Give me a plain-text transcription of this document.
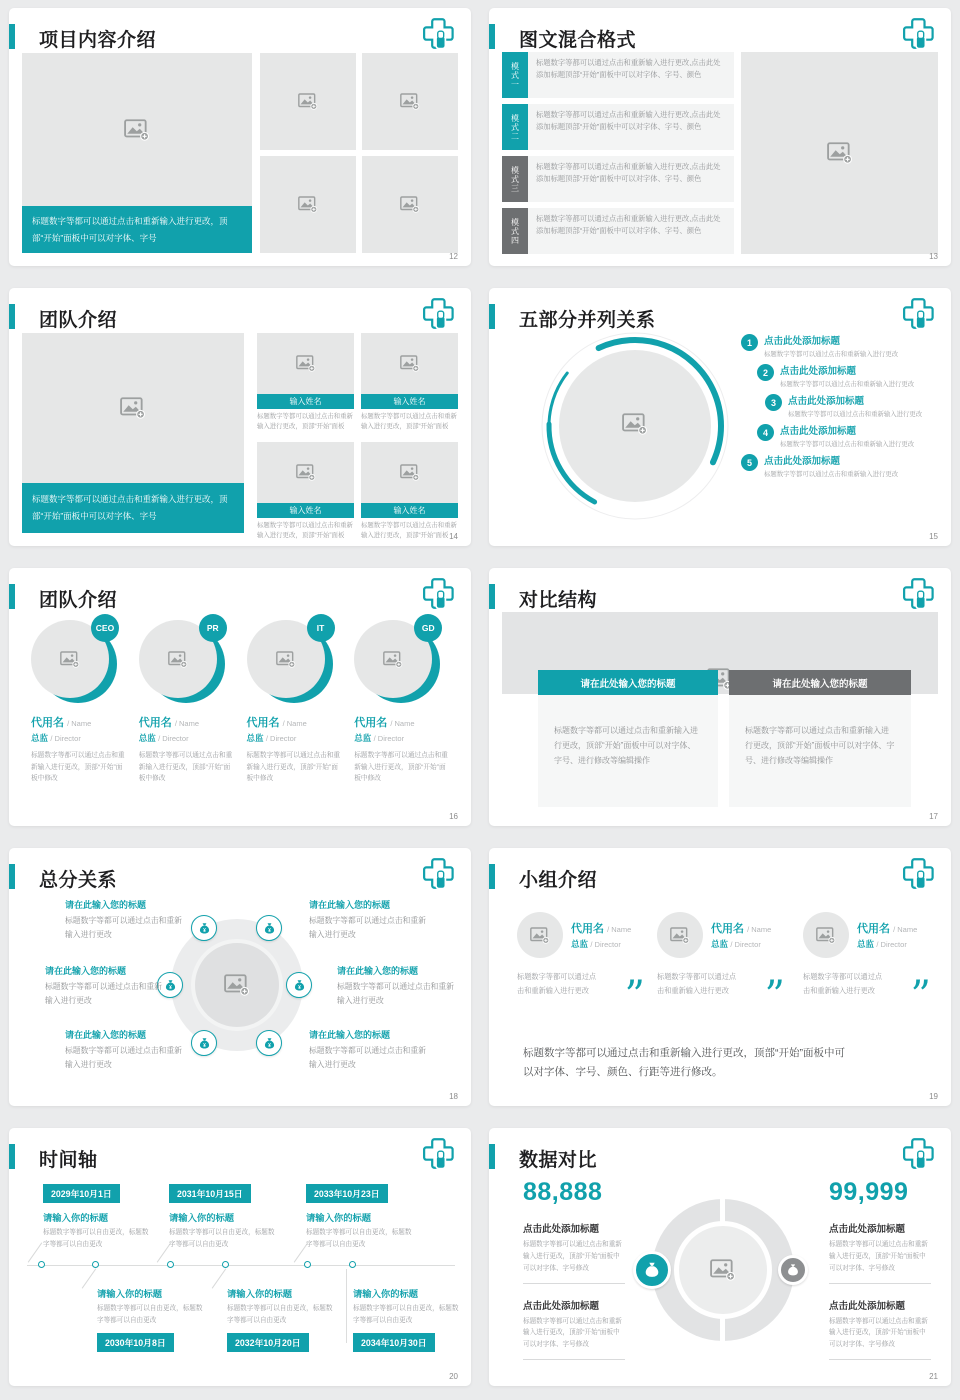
项目内容介绍
标题数字等都可以通过点击和重新输入进行更改，顶部“开始”面板中可以对字体、字号
12
图文混合格式
模式一	标题数字等都可以通过点击和重新输入进行更改,点击此处添加标题顶部“开始”面板中可以对字体、字号、颜色
模式二	标题数字等都可以通过点击和重新输入进行更改,点击此处添加标题顶部“开始”面板中可以对字体、字号、颜色
模式三	标题数字等都可以通过点击和重新输入进行更改,点击此处添加标题顶部“开始”面板中可以对字体、字号、颜色
模式四	标题数字等都可以通过点击和重新输入进行更改,点击此处添加标题顶部“开始”面板中可以对字体、字号、颜色
13
团队介绍
标题数字等都可以通过点击和重新输入进行更改，顶部“开始”面板中可以对字体、字号
输入姓名

标题数字等都可以通过点击和重新输入进行更改，顶部“开始”面板

输入姓名

标题数字等都可以通过点击和重新输入进行更改，顶部“开始”面板

输入姓名

标题数字等都可以通过点击和重新输入进行更改，顶部“开始”面板

输入姓名

标题数字等都可以通过点击和重新输入进行更改，顶部“开始”面板 14
五部分并列关系
1	点击此处添加标题
标题数字等都可以通过点击和重新输入进行更改
2	点击此处添加标题
标题数字等都可以通过点击和重新输入进行更改
3	点击此处添加标题
标题数字等都可以通过点击和重新输入进行更改
4	点击此处添加标题
标题数字等都可以通过点击和重新输入进行更改
5	点击此处添加标题
标题数字等都可以通过点击和重新输入进行更改
15
团队介绍
CEO
代用名 / Name
总监 / Director
标题数字等都可以通过点击和重新输入进行更改，顶部“开始”面板中修改
PR
代用名 / Name
总监 / Director
标题数字等都可以通过点击和重新输入进行更改，顶部“开始”面板中修改
IT
代用名 / Name
总监 / Director
标题数字等都可以通过点击和重新输入进行更改，顶部“开始”面板中修改
GD
代用名 / Name
总监 / Director
标题数字等都可以通过点击和重新输入进行更改，顶部“开始”面板中修改
16
对比结构
请在此处输入您的标题	请在此处输入您的标题
标题数字等都可以通过点击和重新输入进行更改，顶部“开始”面板中可以对字体、字号、进行修改等编辑操作
标题数字等都可以通过点击和重新输入进行更改，顶部“开始”面板中可以对字体、字号、进行修改等编辑操作
17
总分关系
请在此输入您的标题
标题数字等都可以通过点击和重新输入进行更改
请在此输入您的标题
标题数字等都可以通过点击和重新输入进行更改
请在此输入您的标题
标题数字等都可以通过点击和重新输入进行更改
请在此输入您的标题
标题数字等都可以通过点击和重新输入进行更改
请在此输入您的标题
标题数字等都可以通过点击和重新输入进行更改
请在此输入您的标题
标题数字等都可以通过点击和重新输入进行更改
18
小组介绍
代用名 / Name
总监 / Director
”
标题数字等都可以通过点击和重新输入进行更改
代用名 / Name
总监 / Director
”
标题数字等都可以通过点击和重新输入进行更改
代用名 / Name
总监 / Director
”
标题数字等都可以通过点击和重新输入进行更改
标题数字等都可以通过点击和重新输入进行更改，顶部“开始”面板中可以对字体、字号、颜色、行距等进行修改。
19
时间轴
2029年10月1日
请输入你的标题
标题数字等都可以自由更改，标题数字等都可以自由更改
2031年10月15日
请输入你的标题
标题数字等都可以自由更改，标题数字等都可以自由更改
2033年10月23日
请输入你的标题
标题数字等都可以自由更改，标题数字等都可以自由更改
请输入你的标题
标题数字等都可以自由更改，标题数字等都可以自由更改
2030年10月8日
请输入你的标题
标题数字等都可以自由更改，标题数字等都可以自由更改
2032年10月20日
请输入你的标题
标题数字等都可以自由更改，标题数字等都可以自由更改
2034年10月30日
20
数据对比
88,888
点击此处添加标题
标题数字等都可以通过点击和重新输入进行更改，顶部“开始”面板中可以对字体、字号修改
点击此处添加标题
标题数字等都可以通过点击和重新输入进行更改，顶部“开始”面板中可以对字体、字号修改
99,999
点击此处添加标题
标题数字等都可以通过点击和重新输入进行更改，顶部“开始”面板中可以对字体、字号修改
点击此处添加标题
标题数字等都可以通过点击和重新输入进行更改，顶部“开始”面板中可以对字体、字号修改
21
